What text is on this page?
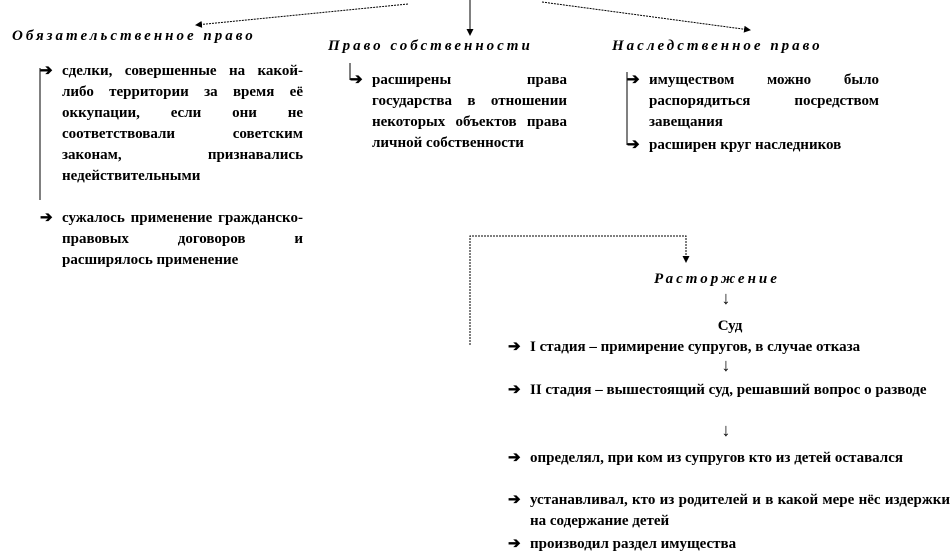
Обязательственное право
➔ сделки, совершенные на какой-либо территории за время её оккупации, если они не соответствовали советским законам, признавались недействительными
➔ сужалось применение гражданско-правовых договоров и расширялось применение
Право собственности
➔ расширены права государства в отношении некоторых объектов права личной собственности
Наследственное право
➔ имуществом можно было распорядиться посредством завещания
➔ расширен круг наследников
Расторжение
↓
Суд
➔ I стадия – примирение супругов, в случае отказа
↓
➔ II стадия – вышестоящий суд, решавший вопрос о разводе
↓
➔ определял, при ком из супругов кто из детей оставался
➔ устанавливал, кто из родителей и в какой мере нёс издержки на содержание детей
➔ производил раздел имущества
